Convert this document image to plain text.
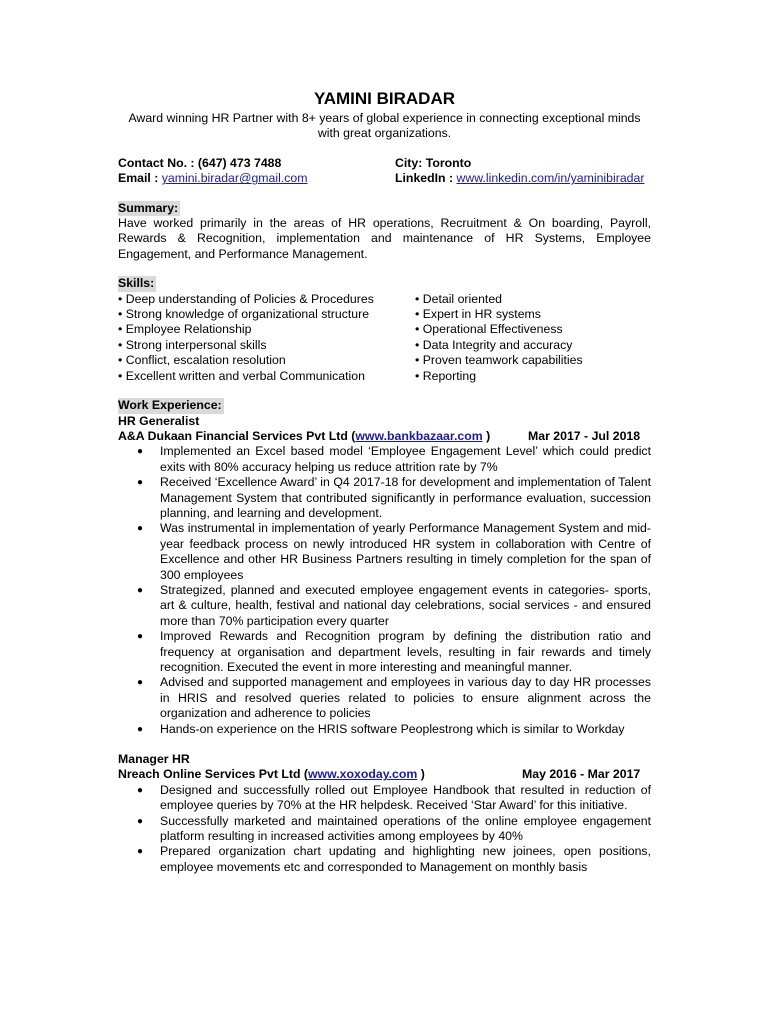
YAMINI BIRADAR
Award winning HR Partner with 8+ years of global experience in connecting exceptional minds with great organizations.
Contact No. : (647) 473 7488	City: Toronto
Email : yamini.biradar@gmail.com	LinkedIn : www.linkedin.com/in/yaminibiradar
Summary:
Have worked primarily in the areas of HR operations, Recruitment & On boarding, Payroll, Rewards & Recognition, implementation and maintenance of HR Systems, Employee Engagement, and Performance Management.
Skills:
• Deep understanding of Policies & Procedures
• Strong knowledge of organizational structure
• Employee Relationship
• Strong interpersonal skills
• Conflict, escalation resolution
• Excellent written and verbal Communication
• Detail oriented
• Expert in HR systems
• Operational Effectiveness
• Data Integrity and accuracy
• Proven teamwork capabilities
• Reporting
Work Experience:
HR Generalist
A&A Dukaan Financial Services Pvt Ltd (www.bankbazaar.com )	Mar 2017 - Jul 2018
● Implemented an Excel based model ‘Employee Engagement Level’ which could predict exits with 80% accuracy helping us reduce attrition rate by 7%
● Received ‘Excellence Award’ in Q4 2017-18 for development and implementation of Talent Management System that contributed significantly in performance evaluation, succession planning, and learning and development.
● Was instrumental in implementation of yearly Performance Management System and mid-year feedback process on newly introduced HR system in collaboration with Centre of Excellence and other HR Business Partners resulting in timely completion for the span of 300 employees
● Strategized, planned and executed employee engagement events in categories- sports, art & culture, health, festival and national day celebrations, social services - and ensured more than 70% participation every quarter
● Improved Rewards and Recognition program by defining the distribution ratio and frequency at organisation and department levels, resulting in fair rewards and timely recognition. Executed the event in more interesting and meaningful manner.
● Advised and supported management and employees in various day to day HR processes in HRIS and resolved queries related to policies to ensure alignment across the organization and adherence to policies
● Hands-on experience on the HRIS software Peoplestrong which is similar to Workday
Manager HR
Nreach Online Services Pvt Ltd (www.xoxoday.com )	May 2016 - Mar 2017
● Designed and successfully rolled out Employee Handbook that resulted in reduction of employee queries by 70% at the HR helpdesk. Received ‘Star Award’ for this initiative.
● Successfully marketed and maintained operations of the online employee engagement platform resulting in increased activities among employees by 40%
● Prepared organization chart updating and highlighting new joinees, open positions, employee movements etc and corresponded to Management on monthly basis
